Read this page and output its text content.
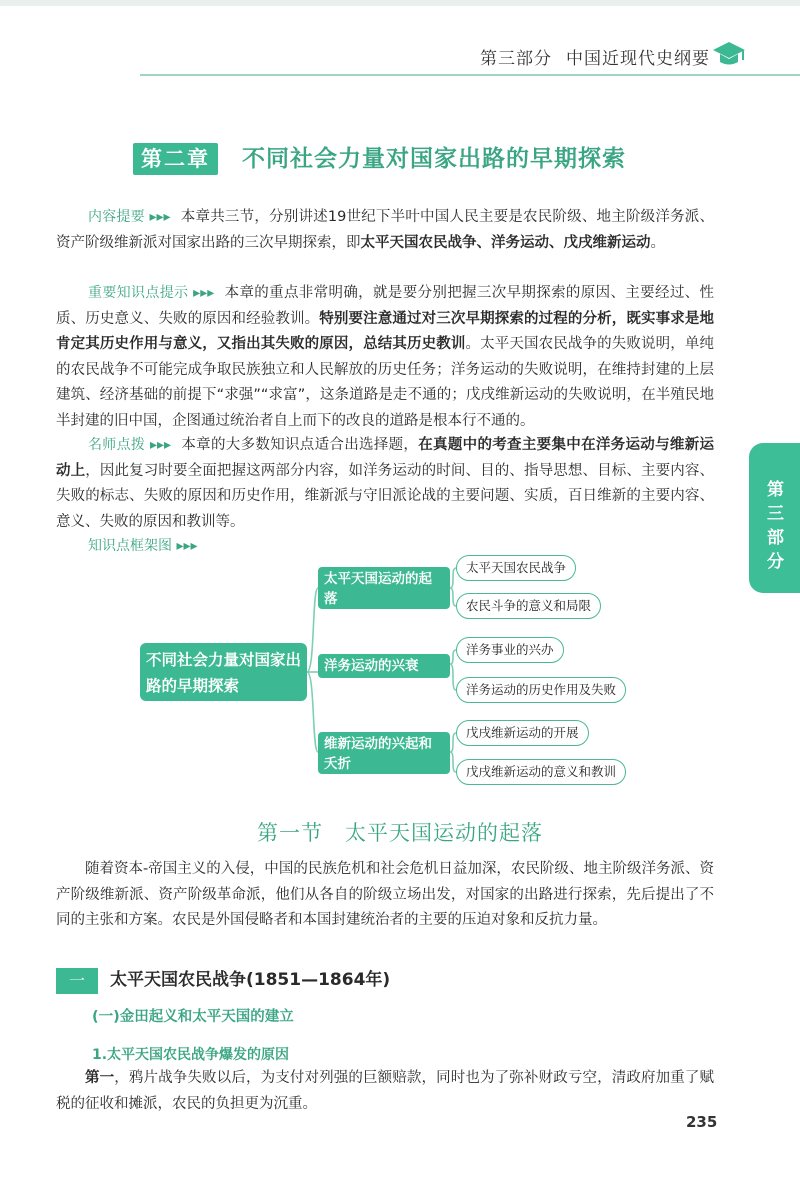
第三部分 中国近现代史纲要
第二章	不同社会力量对国家出路的早期探索
内容提要 ▸▸▸ 本章共三节，分别讲述19世纪下半叶中国人民主要是农民阶级、地主阶级洋务派、资产阶级维新派对国家出路的三次早期探索，即太平天国农民战争、洋务运动、戊戌维新运动。
重要知识点提示 ▸▸▸ 本章的重点非常明确，就是要分别把握三次早期探索的原因、主要经过、性质、历史意义、失败的原因和经验教训。特别要注意通过对三次早期探索的过程的分析，既实事求是地肯定其历史作用与意义，又指出其失败的原因，总结其历史教训。太平天国农民战争的失败说明，单纯的农民战争不可能完成争取民族独立和人民解放的历史任务；洋务运动的失败说明，在维持封建的上层建筑、经济基础的前提下“求强”“求富”，这条道路是走不通的；戊戌维新运动的失败说明，在半殖民地半封建的旧中国，企图通过统治者自上而下的改良的道路是根本行不通的。
名师点拨 ▸▸▸ 本章的大多数知识点适合出选择题，在真题中的考查主要集中在洋务运动与维新运动上，因此复习时要全面把握这两部分内容，如洋务运动的时间、目的、指导思想、目标、主要内容、失败的标志、失败的原因和历史作用，维新派与守旧派论战的主要问题、实质，百日维新的主要内容、意义、失败的原因和教训等。
知识点框架图 ▸▸▸
第三部分
不同社会力量对国家出路的早期探索
太平天国运动的起落
洋务运动的兴衰
维新运动的兴起和夭折
太平天国农民战争
农民斗争的意义和局限
洋务事业的兴办
洋务运动的历史作用及失败
戊戌维新运动的开展
戊戌维新运动的意义和教训
第一节　太平天国运动的起落
随着资本-帝国主义的入侵，中国的民族危机和社会危机日益加深，农民阶级、地主阶级洋务派、资产阶级维新派、资产阶级革命派，他们从各自的阶级立场出发，对国家的出路进行探索，先后提出了不同的主张和方案。农民是外国侵略者和本国封建统治者的主要的压迫对象和反抗力量。
一	太平天国农民战争(1851—1864年)
(一)金田起义和太平天国的建立
1.太平天国农民战争爆发的原因
第一，鸦片战争失败以后，为支付对列强的巨额赔款，同时也为了弥补财政亏空，清政府加重了赋税的征收和摊派，农民的负担更为沉重。
235
